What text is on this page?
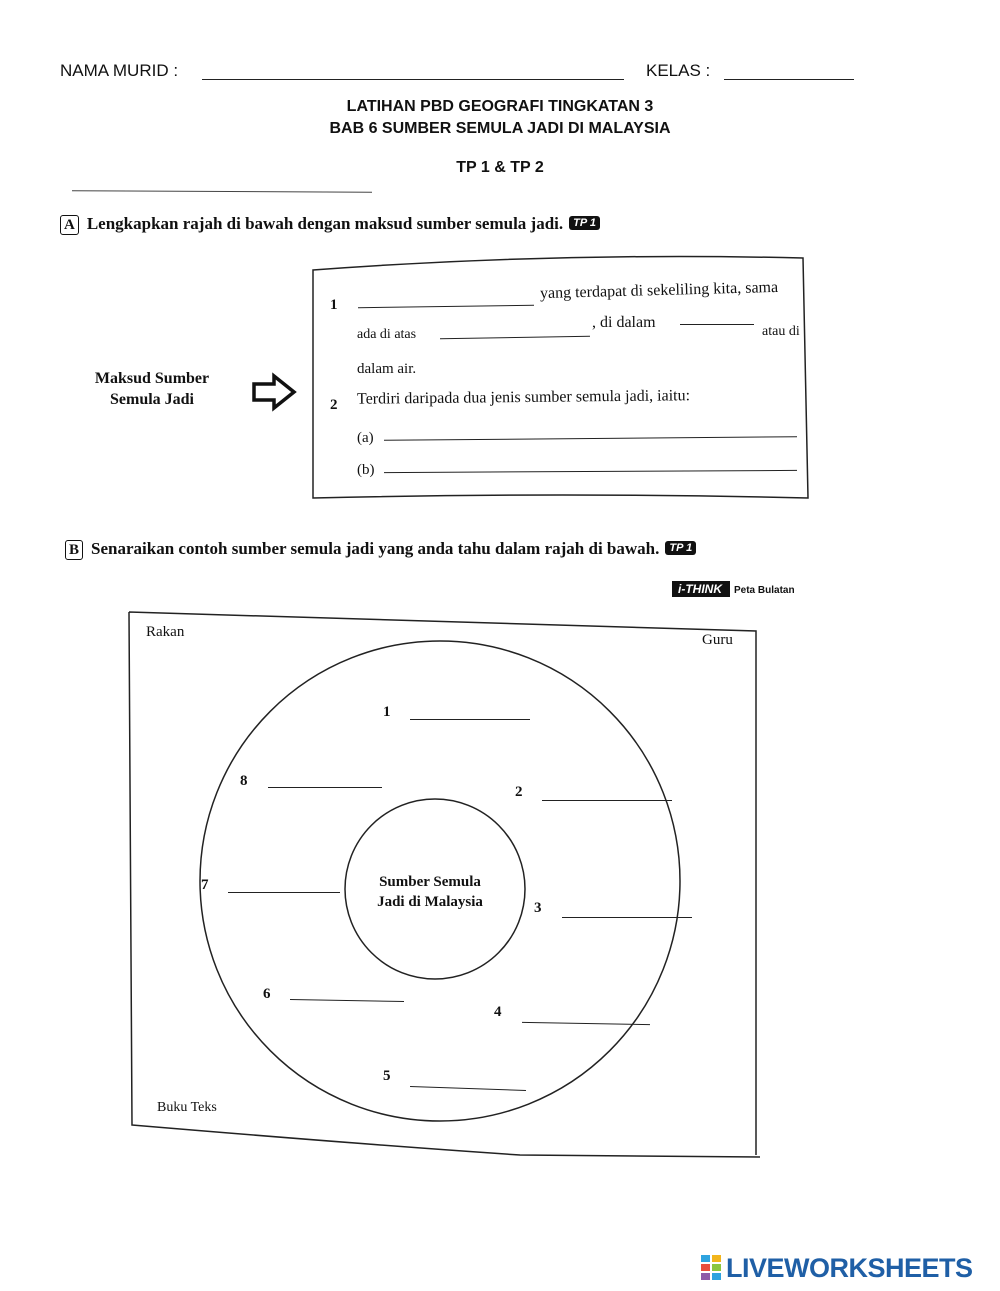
NAMA MURID :	KELAS :
LATIHAN PBD GEOGRAFI TINGKATAN 3
BAB 6 SUMBER SEMULA JADI DI MALAYSIA
TP 1 & TP 2
A Lengkapkan rajah di bawah dengan maksud sumber semula jadi. TP 1
Maksud Sumber
Semula Jadi
1
yang terdapat di sekeliling kita, sama
ada di atas
, di dalam
atau di
dalam air.
2 Terdiri daripada dua jenis sumber semula jadi, iaitu:
(a)
(b)
B Senaraikan contoh sumber semula jadi yang anda tahu dalam rajah di bawah. TP 1
i-THINK Peta Bulatan
Rakan	Guru
Buku Teks
Sumber Semula
Jadi di Malaysia
1
2
3
4
5
6
7
8
LIVEWORKSHEETS
